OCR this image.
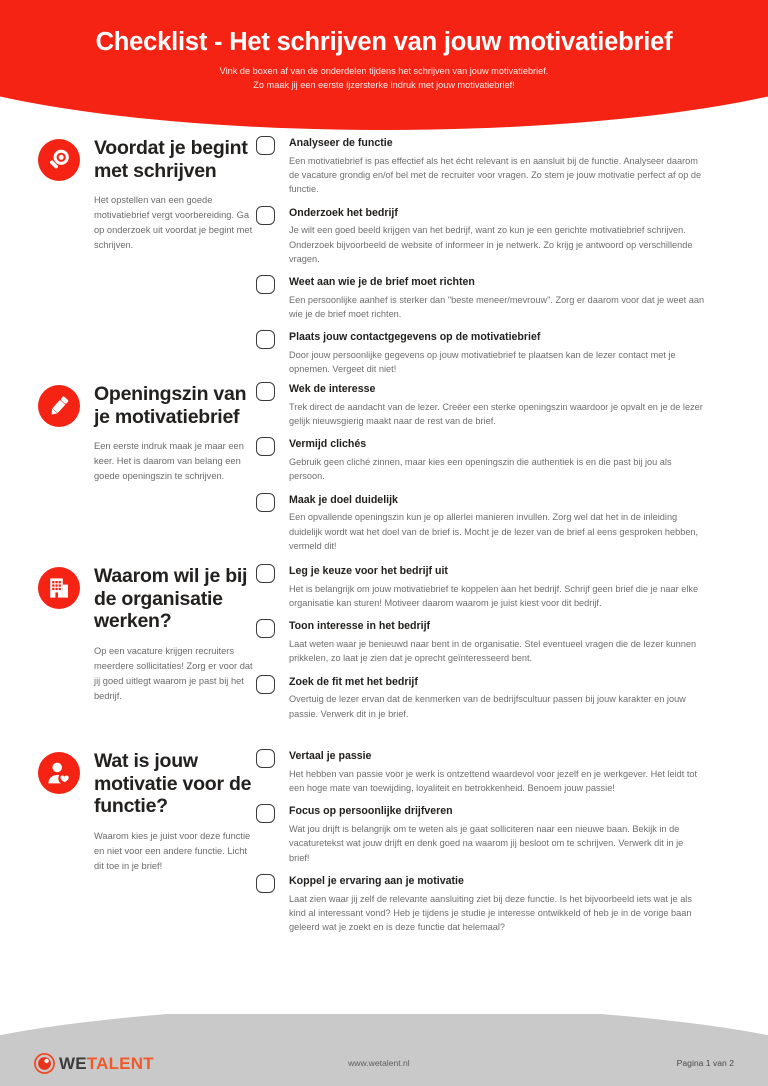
Checklist - Het schrijven van jouw motivatiebrief

Vink de boxen af van de onderdelen tijdens het schrijven van jouw motivatiebrief.

Zo maak jij een eerste ijzersterke indruk met jouw motivatiebrief!

Voordat je begint met schrijven

Het opstellen van een goede motivatiebrief vergt voorbereiding. Ga op onderzoek uit voordat je begint met schrijven.

Analyseer de functie
Een motivatiebrief is pas effectief als het écht relevant is en aansluit bij de functie. Analyseer daarom de vacature grondig en/of bel met de recruiter voor vragen. Zo stem je jouw motivatie perfect af op de functie.
Onderzoek het bedrijf
Je wilt een goed beeld krijgen van het bedrijf, want zo kun je een gerichte motivatiebrief schrijven. Onderzoek bijvoorbeeld de website of informeer in je netwerk. Zo krijg je antwoord op verschillende vragen.
Weet aan wie je de brief moet richten
Een persoonlijke aanhef is sterker dan "beste meneer/mevrouw". Zorg er daarom voor dat je weet aan wie je de brief moet richten.
Plaats jouw contactgegevens op de motivatiebrief
Door jouw persoonlijke gegevens op jouw motivatiebrief te plaatsen kan de lezer contact met je opnemen. Vergeet dit niet!
Openingszin van je motivatiebrief

Een eerste indruk maak je maar een keer. Het is daarom van belang een goede openingszin te schrijven.

Wek de interesse
Trek direct de aandacht van de lezer. Creëer een sterke openingszin waardoor je opvalt en je de lezer gelijk nieuwsgierig maakt naar de rest van de brief.
Vermijd clichés
Gebruik geen cliché zinnen, maar kies een openingszin die authentiek is en die past bij jou als persoon.
Maak je doel duidelijk
Een opvallende openingszin kun je op allerlei manieren invullen. Zorg wel dat het in de inleiding duidelijk wordt wat het doel van de brief is. Mocht je de lezer van de brief al eens gesproken hebben, vermeld dit!
Waarom wil je bij de organisatie werken?

Op een vacature krijgen recruiters meerdere sollicitaties! Zorg er voor dat jij goed uitlegt waarom je past bij het bedrijf.

Leg je keuze voor het bedrijf uit
Het is belangrijk om jouw motivatiebrief te koppelen aan het bedrijf. Schrijf geen brief die je naar elke organisatie kan sturen! Motiveer daarom waarom je juist kiest voor dit bedrijf.
Toon interesse in het bedrijf
Laat weten waar je benieuwd naar bent in de organisatie. Stel eventueel vragen die de lezer kunnen prikkelen, zo laat je zien dat je oprecht geïnteresseerd bent.
Zoek de fit met het bedrijf
Overtuig de lezer ervan dat de kenmerken van de bedrijfscultuur passen bij jouw karakter en jouw passie. Verwerk dit in je brief.
Wat is jouw motivatie voor de functie?

Waarom kies je juist voor deze functie en niet voor een andere functie. Licht dit toe in je brief!

Vertaal je passie
Het hebben van passie voor je werk is ontzettend waardevol voor jezelf en je werkgever. Het leidt tot een hoge mate van toewijding, loyaliteit en betrokkenheid. Benoem jouw passie!
Focus op persoonlijke drijfveren
Wat jou drijft is belangrijk om te weten als je gaat solliciteren naar een nieuwe baan. Bekijk in de vacaturetekst wat jouw drijft en denk goed na waarom jij besloot om te schrijven. Verwerk dit in je brief!
Koppel je ervaring aan je motivatie
Laat zien waar jij zelf de relevante aansluiting ziet bij deze functie. Is het bijvoorbeeld iets wat je als kind al interessant vond? Heb je tijdens je studie je interesse ontwikkeld of heb je in de vorige baan geleerd wat je zoekt en is deze functie dat helemaal?
WETALENT	www.wetalent.nl	Pagina 1 van 2
